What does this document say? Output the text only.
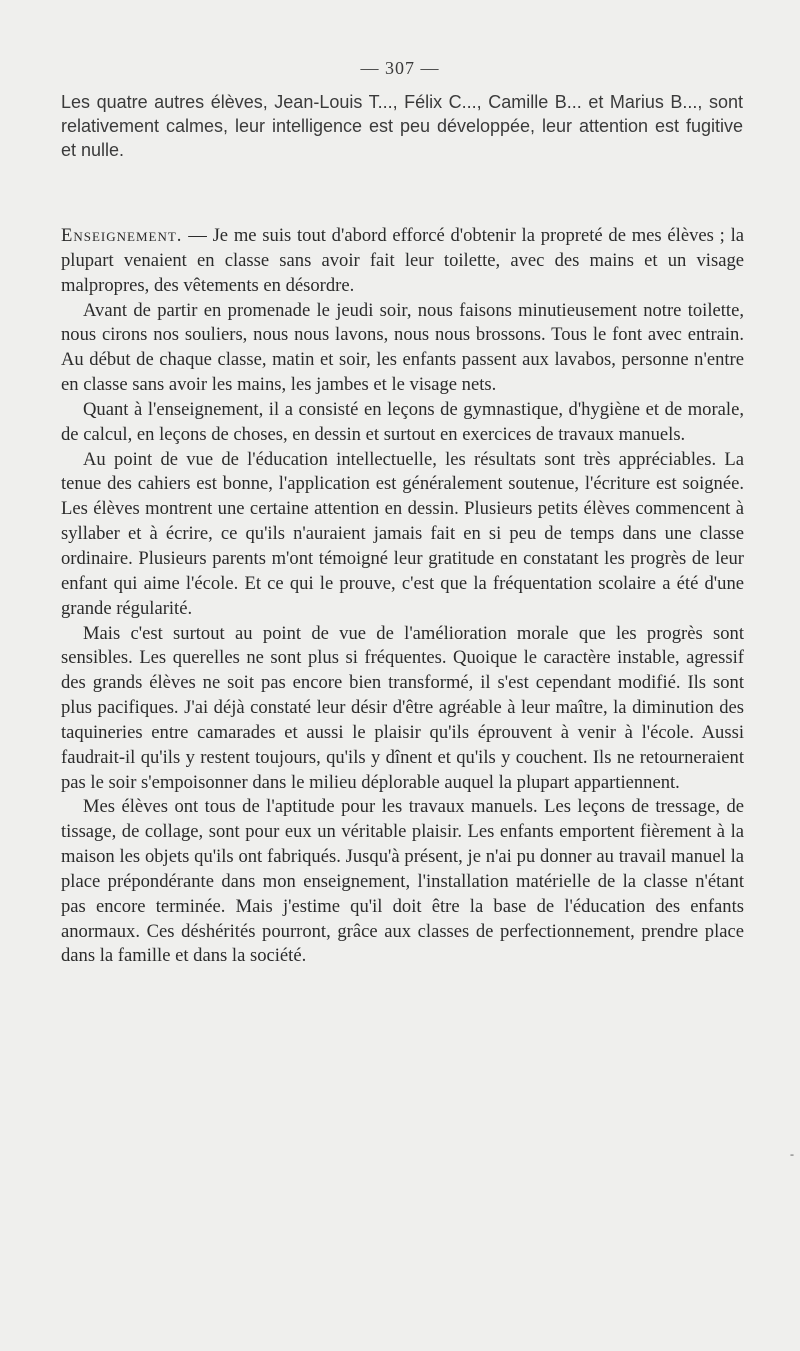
— 307 —

Les quatre autres élèves, Jean-Louis T..., Félix C..., Camille B... et Marius B..., sont relativement calmes, leur intelligence est peu développée, leur attention est fugitive et nulle.

Enseignement. — Je me suis tout d'abord efforcé d'obtenir la propreté de mes élèves ; la plupart venaient en classe sans avoir fait leur toilette, avec des mains et un visage malpropres, des vêtements en désordre.

Avant de partir en promenade le jeudi soir, nous faisons minutieusement notre toilette, nous cirons nos souliers, nous nous lavons, nous nous brossons. Tous le font avec entrain. Au début de chaque classe, matin et soir, les enfants passent aux lavabos, personne n'entre en classe sans avoir les mains, les jambes et le visage nets.

Quant à l'enseignement, il a consisté en leçons de gymnastique, d'hygiène et de morale, de calcul, en leçons de choses, en dessin et surtout en exercices de travaux manuels.

Au point de vue de l'éducation intellectuelle, les résultats sont très appréciables. La tenue des cahiers est bonne, l'application est généralement soutenue, l'écriture est soignée. Les élèves montrent une certaine attention en dessin. Plusieurs petits élèves commencent à syllaber et à écrire, ce qu'ils n'auraient jamais fait en si peu de temps dans une classe ordinaire. Plusieurs parents m'ont témoigné leur gratitude en constatant les progrès de leur enfant qui aime l'école. Et ce qui le prouve, c'est que la fréquentation scolaire a été d'une grande régularité.

Mais c'est surtout au point de vue de l'amélioration morale que les progrès sont sensibles. Les querelles ne sont plus si fréquentes. Quoique le caractère instable, agressif des grands élèves ne soit pas encore bien transformé, il s'est cependant modifié. Ils sont plus pacifiques. J'ai déjà constaté leur désir d'être agréable à leur maître, la diminution des taquineries entre camarades et aussi le plaisir qu'ils éprouvent à venir à l'école. Aussi faudrait-il qu'ils y restent toujours, qu'ils y dînent et qu'ils y couchent. Ils ne retourneraient pas le soir s'empoisonner dans le milieu déplorable auquel la plupart appartiennent.

Mes élèves ont tous de l'aptitude pour les travaux manuels. Les leçons de tressage, de tissage, de collage, sont pour eux un véritable plaisir. Les enfants emportent fièrement à la maison les objets qu'ils ont fabriqués. Jusqu'à présent, je n'ai pu donner au travail manuel la place prépondérante dans mon enseignement, l'installation matérielle de la classe n'étant pas encore terminée. Mais j'estime qu'il doit être la base de l'éducation des enfants anormaux. Ces déshérités pourront, grâce aux classes de perfectionnement, prendre place dans la famille et dans la société.

-
